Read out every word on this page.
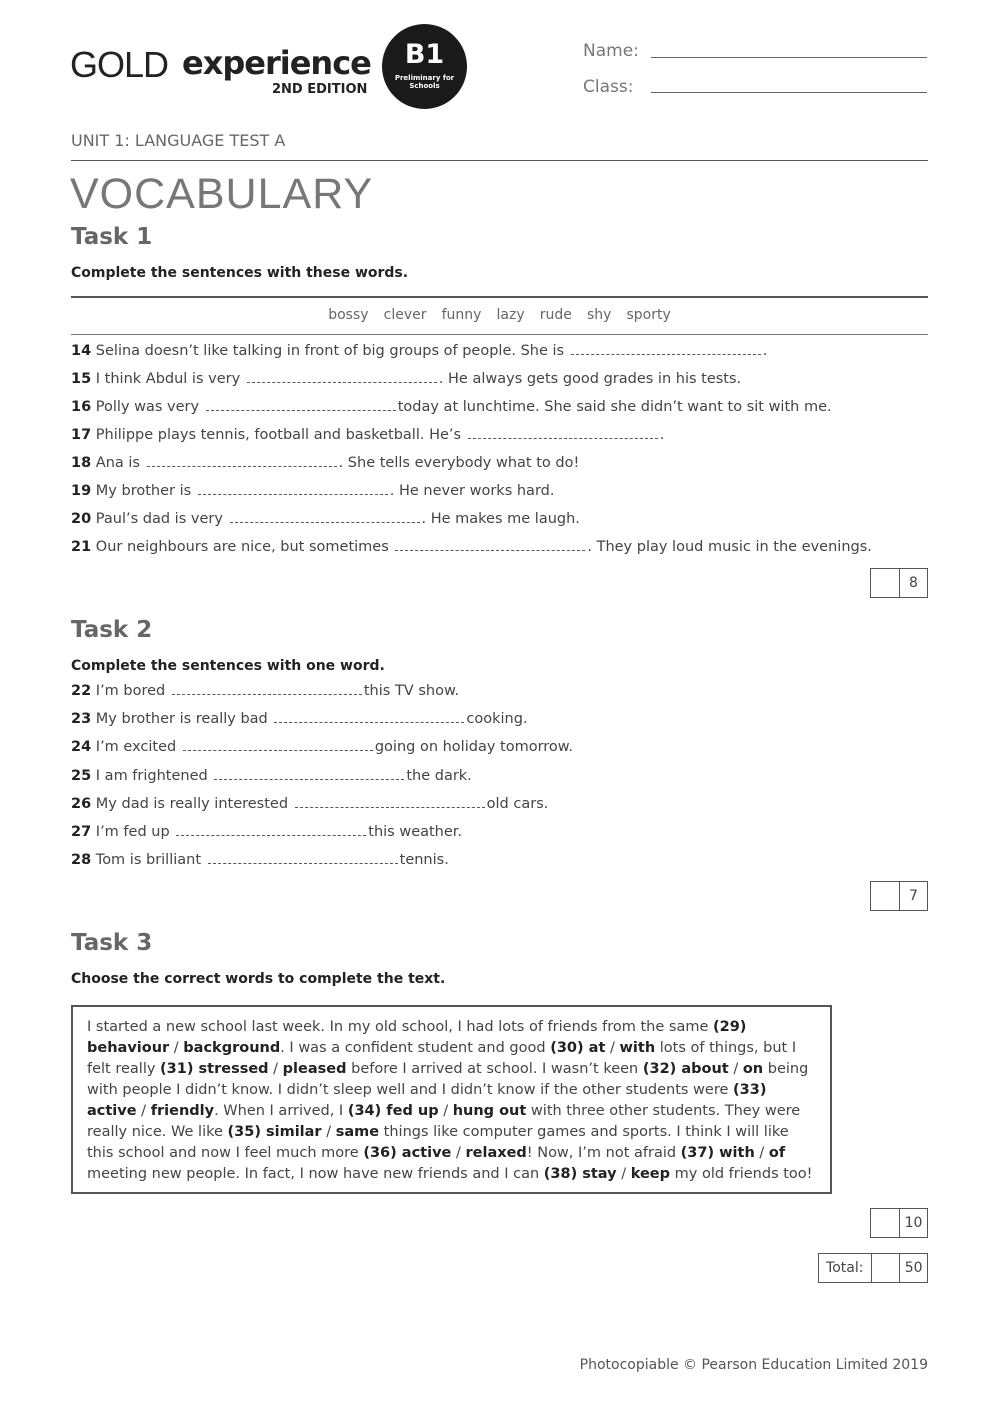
GOLD experience
2ND EDITION
B1
Preliminary for Schools
Name:
Class:
UNIT 1: LANGUAGE TEST A
VOCABULARY
Task 1
Complete the sentences with these words.
bossy clever funny lazy rude shy sporty
14 Selina doesn’t like talking in front of big groups of people. She is	.
15 I think Abdul is very	. He always gets good grades in his tests.
16 Polly was very	today at lunchtime. She said she didn’t want to sit with me.
17 Philippe plays tennis, football and basketball. He’s	.
18 Ana is	. She tells everybody what to do!
19 My brother is	. He never works hard.
20 Paul’s dad is very	. He makes me laugh.
21 Our neighbours are nice, but sometimes	. They play loud music in the evenings.
8
Task 2
Complete the sentences with one word.
22 I’m bored	this TV show.
23 My brother is really bad	cooking.
24 I’m excited	going on holiday tomorrow.
25 I am frightened	the dark.
26 My dad is really interested	old cars.
27 I’m fed up	this weather.
28 Tom is brilliant	tennis.
7
Task 3
Choose the correct words to complete the text.
I started a new school last week. In my old school, I had lots of friends from the same (29) behaviour / background. I was a confident student and good (30) at / with lots of things, but I felt really (31) stressed / pleased before I arrived at school. I wasn’t keen (32) about / on being with people I didn’t know. I didn’t sleep well and I didn’t know if the other students were (33) active / friendly. When I arrived, I (34) fed up / hung out with three other students. They were really nice. We like (35) similar / same things like computer games and sports. I think I will like this school and now I feel much more (36) active / relaxed! Now, I’m not afraid (37) with / of meeting new people. In fact, I now have new friends and I can (38) stay / keep my old friends too!
10
Total:	50
Photocopiable © Pearson Education Limited 2019
